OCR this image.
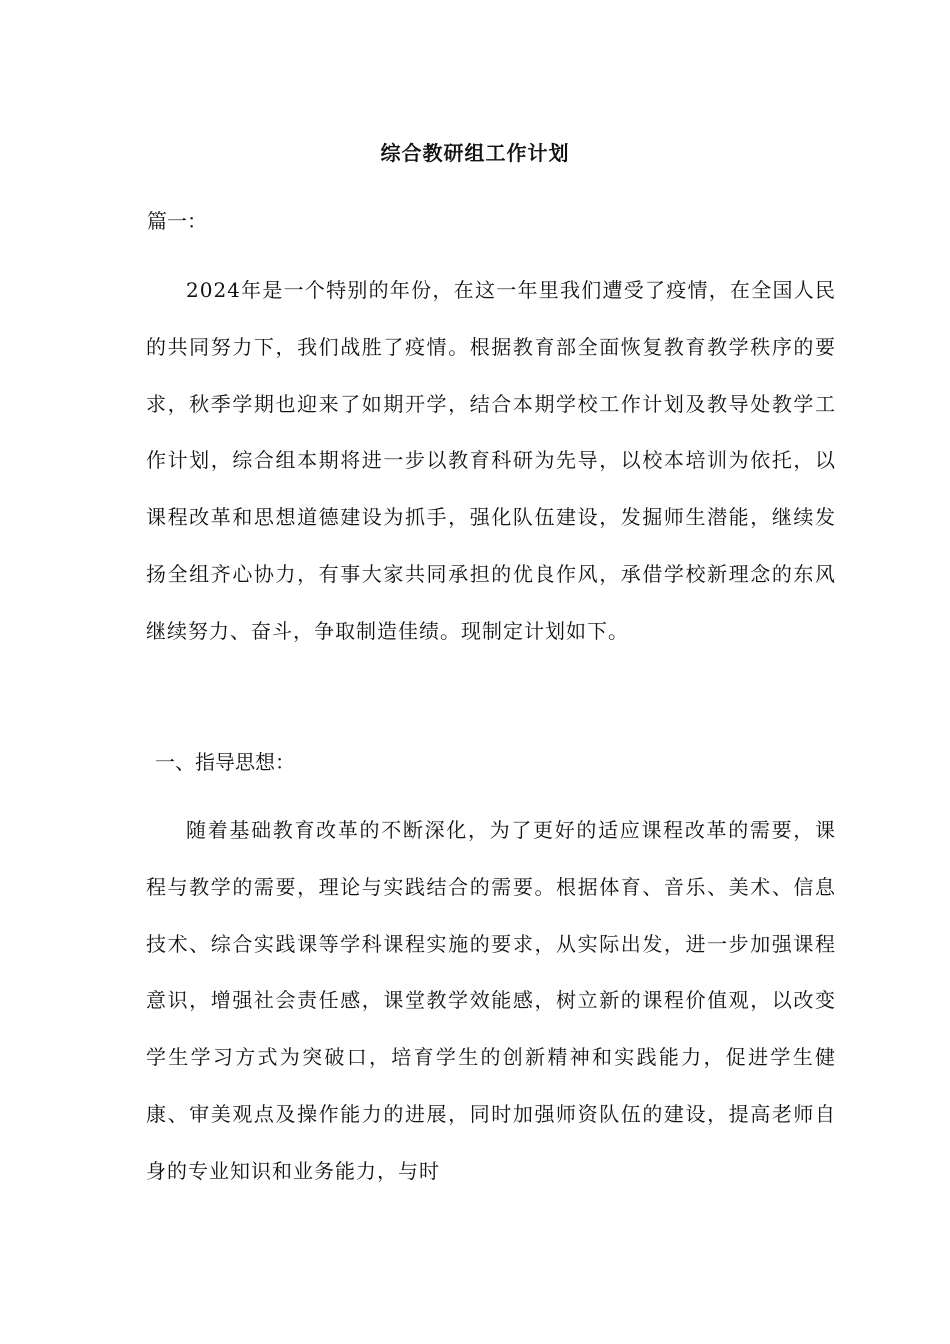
综合教研组工作计划
篇一：

2024年是一个特别的年份，在这一年里我们遭受了疫情，在全国人民的共同努力下，我们战胜了疫情。根据教育部全面恢复教育教学秩序的要求，秋季学期也迎来了如期开学，结合本期学校工作计划及教导处教学工作计划，综合组本期将进一步以教育科研为先导，以校本培训为依托，以课程改革和思想道德建设为抓手，强化队伍建设，发掘师生潜能，继续发扬全组齐心协力，有事大家共同承担的优良作风，承借学校新理念的东风继续努力、奋斗，争取制造佳绩。现制定计划如下。

一、指导思想：

随着基础教育改革的不断深化，为了更好的适应课程改革的需要，课程与教学的需要，理论与实践结合的需要。根据体育、音乐、美术、信息技术、综合实践课等学科课程实施的要求，从实际出发，进一步加强课程意识，增强社会责任感，课堂教学效能感，树立新的课程价值观，以改变学生学习方式为突破口，培育学生的创新精神和实践能力，促进学生健康、审美观点及操作能力的进展，同时加强师资队伍的建设，提高老师自身的专业知识和业务能力，与时
